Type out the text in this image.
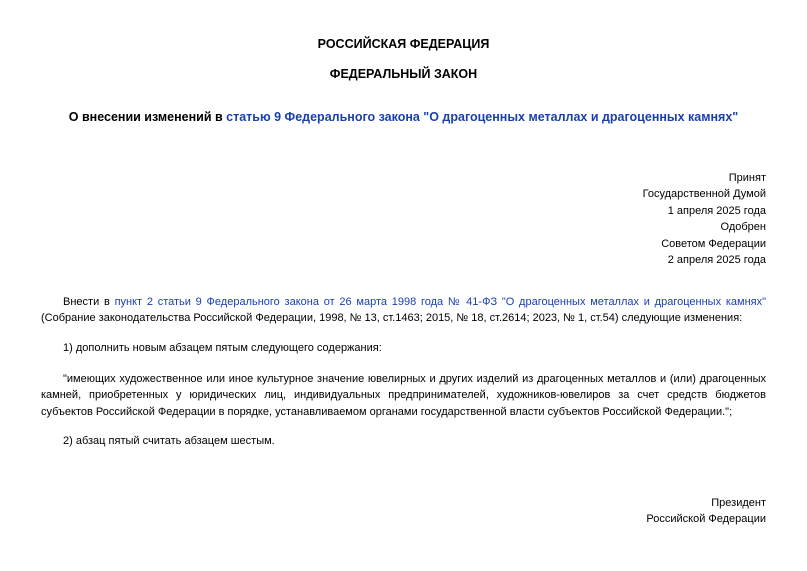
РОССИЙСКАЯ ФЕДЕРАЦИЯ
ФЕДЕРАЛЬНЫЙ ЗАКОН
О внесении изменений в статью 9 Федерального закона "О драгоценных металлах и драгоценных камнях"
Принят
Государственной Думой
1 апреля 2025 года
Одобрен
Советом Федерации
2 апреля 2025 года
Внести в пункт 2 статьи 9 Федерального закона от 26 марта 1998 года № 41-ФЗ "О драгоценных металлах и драгоценных камнях" (Собрание законодательства Российской Федерации, 1998, № 13, ст.1463; 2015, № 18, ст.2614; 2023, № 1, ст.54) следующие изменения:
1) дополнить новым абзацем пятым следующего содержания:
"имеющих художественное или иное культурное значение ювелирных и других изделий из драгоценных металлов и (или) драгоценных камней, приобретенных у юридических лиц, индивидуальных предпринимателей, художников-ювелиров за счет средств бюджетов субъектов Российской Федерации в порядке, устанавливаемом органами государственной власти субъектов Российской Федерации.";
2) абзац пятый считать абзацем шестым.
Президент
Российской Федерации
